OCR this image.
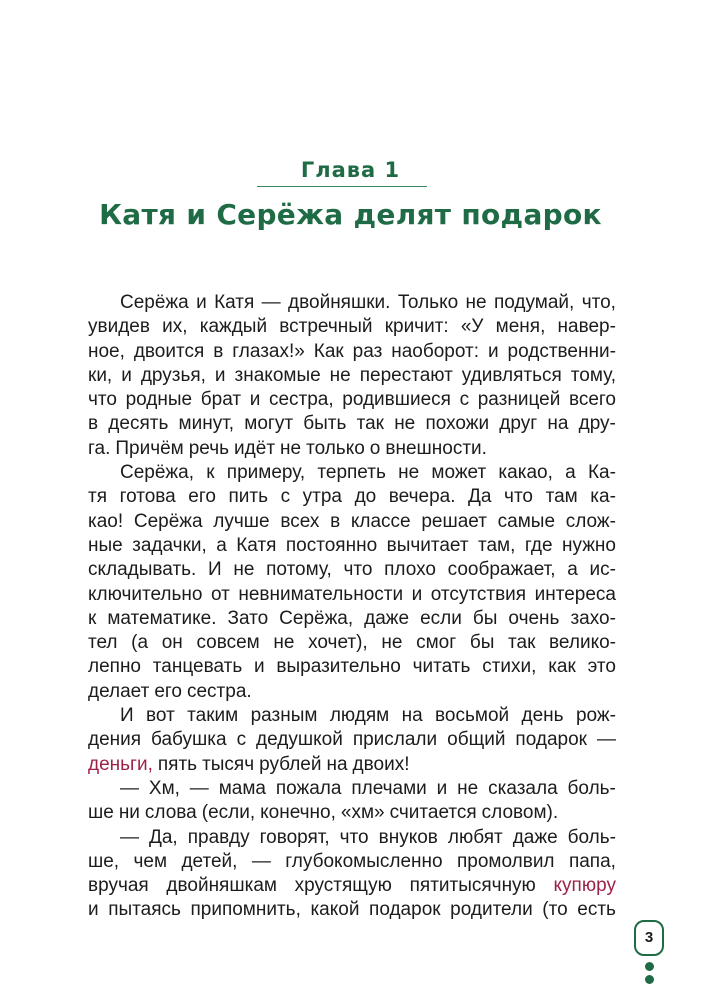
Глава 1
Катя и Серёжа делят подарок
Серёжа и Катя — двойняшки. Только не подумай, что,
увидев их, каждый встречный кричит: «У меня, навер-
ное, двоится в глазах!» Как раз наоборот: и родственни-
ки, и друзья, и знакомые не перестают удивляться тому,
что родные брат и сестра, родившиеся с разницей всего
в десять минут, могут быть так не похожи друг на дру-
га. Причём речь идёт не только о внешности.
Серёжа, к примеру, терпеть не может какао, а Ка-
тя готова его пить с утра до вечера. Да что там ка-
као! Серёжа лучше всех в классе решает самые слож-
ные задачки, а Катя постоянно вычитает там, где нужно
складывать. И не потому, что плохо соображает, а ис-
ключительно от невнимательности и отсутствия интереса
к математике. Зато Серёжа, даже если бы очень захо-
тел (а он совсем не хочет), не смог бы так велико-
лепно танцевать и выразительно читать стихи, как это
делает его сестра.
И вот таким разным людям на восьмой день рож-
дения бабушка с дедушкой прислали общий подарок —
деньги, пять тысяч рублей на двоих!
— Хм, — мама пожала плечами и не сказала боль-
ше ни слова (если, конечно, «хм» считается словом).
— Да, правду говорят, что внуков любят даже боль-
ше, чем детей, — глубокомысленно промолвил папа,
вручая двойняшкам хрустящую пятитысячную купюру
и пытаясь припомнить, какой подарок родители (то есть
3
